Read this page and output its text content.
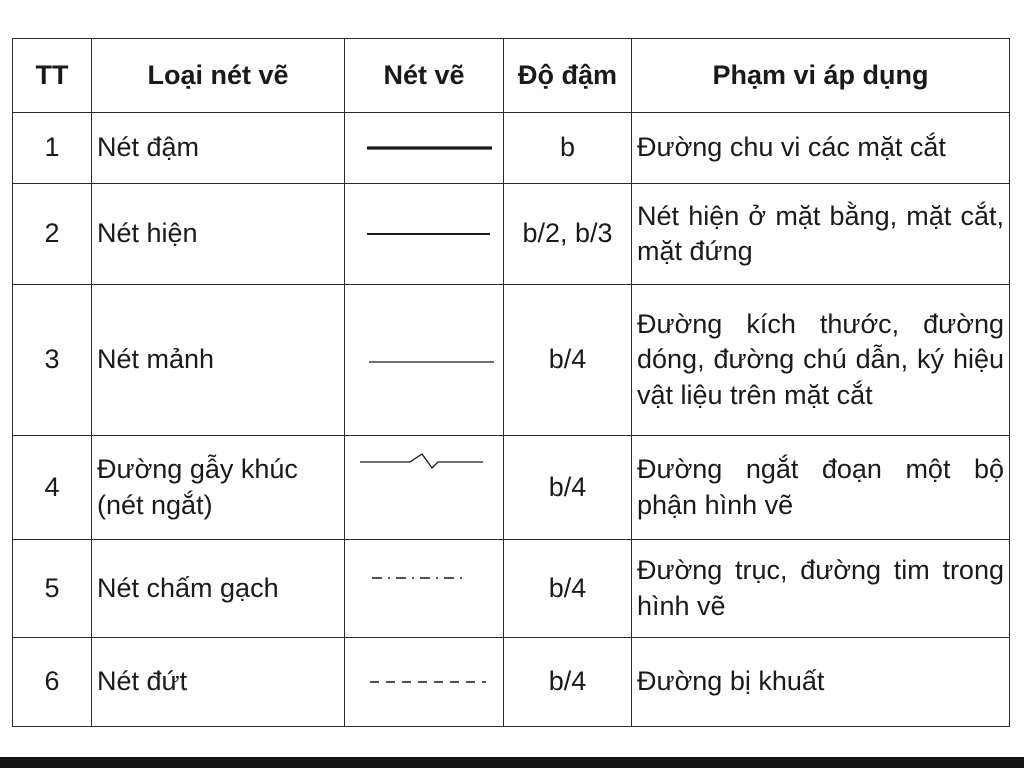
TT	Loại nét vẽ	Nét vẽ	Độ đậm	Phạm vi áp dụng
1	Nét đậm		b	Đường chu vi các mặt cắt
2	Nét hiện		b/2, b/3	Nét hiện ở mặt bằng, mặt cắt, mặt đứng
3	Nét mảnh		b/4	Đường kích thước, đường dóng, đường chú dẫn, ký hiệu vật liệu trên mặt cắt
4	Đường gẫy khúc (nét ngắt)		b/4	Đường ngắt đoạn một bộ phận hình vẽ
5	Nét chấm gạch		b/4	Đường trục, đường tim trong hình vẽ
6	Nét đứt		b/4	Đường bị khuất
